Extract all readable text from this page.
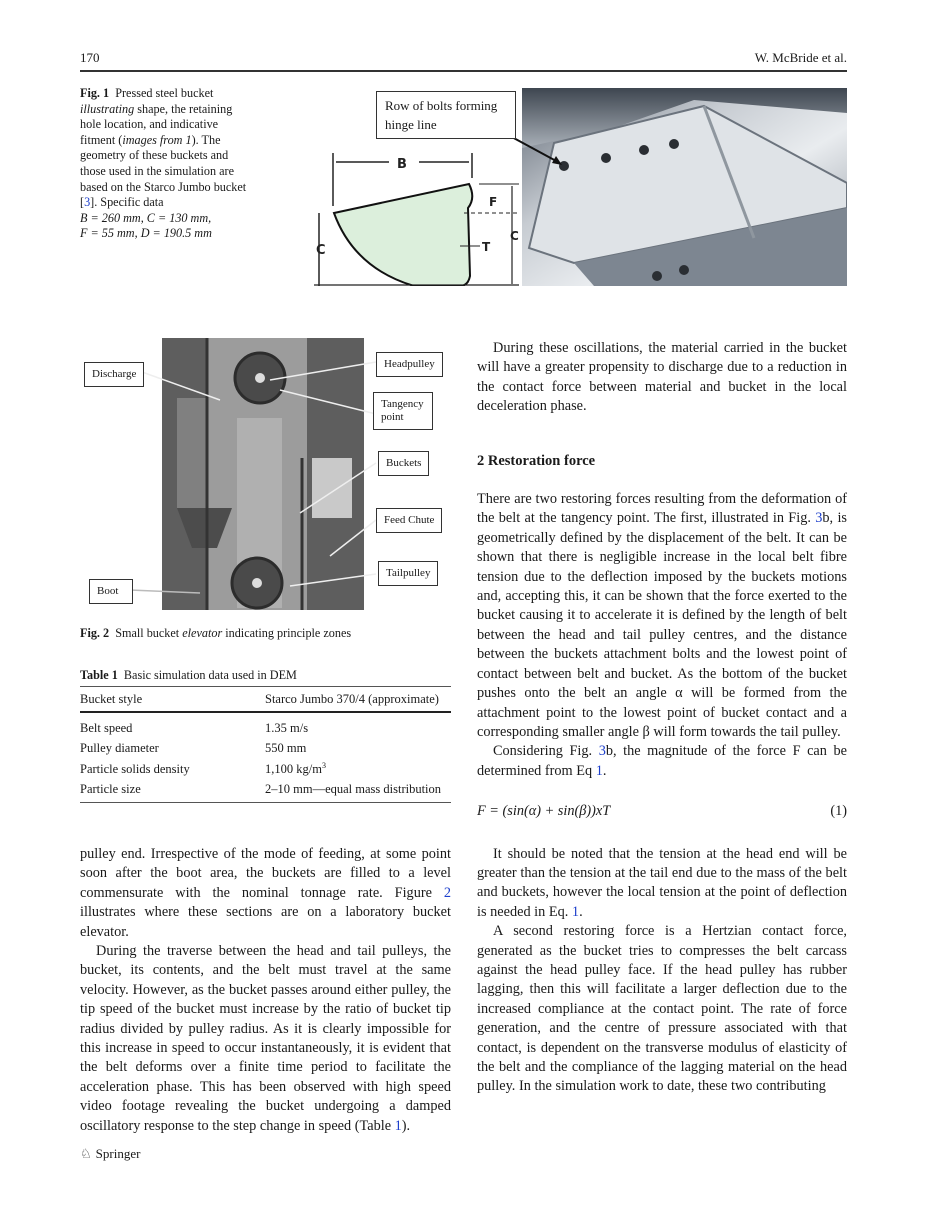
170	W. McBride et al.
Fig. 1 Pressed steel bucket illustrating shape, the retaining hole location, and indicative fitment (images from 1). The geometry of these buckets and those used in the simulation are based on the Starco Jumbo bucket [3]. Specific data
B = 260 mm, C = 130 mm,
F = 55 mm, D = 190.5 mm
B
C
F
C
T
Row of bolts forming hinge line
Discharge
Headpulley
Tangency point
Buckets
Feed Chute
Tailpulley
Boot
Fig. 2 Small bucket elevator indicating principle zones
Table 1 Basic simulation data used in DEM
Bucket style	Starco Jumbo 370/4 (approximate)
Belt speed	1.35 m/s
Pulley diameter	550 mm
Particle solids density	1,100 $kg/m^3$
Particle size	2–10 mm—equal mass distribution

pulley end. Irrespective of the mode of feeding, at some point soon after the boot area, the buckets are filled to a level commensurate with the nominal tonnage rate. Figure 2 illustrates where these sections are on a laboratory bucket elevator.

During the traverse between the head and tail pulleys, the bucket, its contents, and the belt must travel at the same velocity. However, as the bucket passes around either pulley, the tip speed of the bucket must increase by the ratio of bucket tip radius divided by pulley radius. As it is clearly impossible for this increase in speed to occur instantaneously, it is evident that the belt deforms over a finite time period to facilitate the acceleration phase. This has been observed with high speed video footage revealing the bucket undergoing a damped oscillatory response to the step change in speed (Table 1).

During these oscillations, the material carried in the bucket will have a greater propensity to discharge due to a reduction in the contact force between material and bucket in the local deceleration phase.

2 Restoration force

There are two restoring forces resulting from the deformation of the belt at the tangency point. The first, illustrated in Fig. 3b, is geometrically defined by the displacement of the belt. It can be shown that there is negligible increase in the local belt fibre tension due to the deflection imposed by the buckets motions and, accepting this, it can be shown that the force exerted to the bucket causing it to accelerate it is defined by the length of belt between the head and tail pulley centres, and the distance between the buckets attachment bolts and the lowest point of contact between belt and bucket. As the bottom of the bucket pushes onto the belt an angle α will be formed from the attachment point to the lowest point of bucket contact and a corresponding smaller angle β will form towards the tail pulley.

Considering Fig. 3b, the magnitude of the force F can be determined from Eq 1.

F = (sin(α) + sin(β))xT	(1)

It should be noted that the tension at the head end will be greater than the tension at the tail end due to the mass of the belt and buckets, however the local tension at the point of deflection is needed in Eq. 1.

A second restoring force is a Hertzian contact force, generated as the bucket tries to compresses the belt carcass against the head pulley face. If the head pulley has rubber lagging, then this will facilitate a larger deflection due to the increased compliance at the contact point. The rate of force generation, and the centre of pressure associated with that contact, is dependent on the transverse modulus of elasticity of the belt and the compliance of the lagging material on the head pulley. In the simulation work to date, these two contributing

♘ Springer
